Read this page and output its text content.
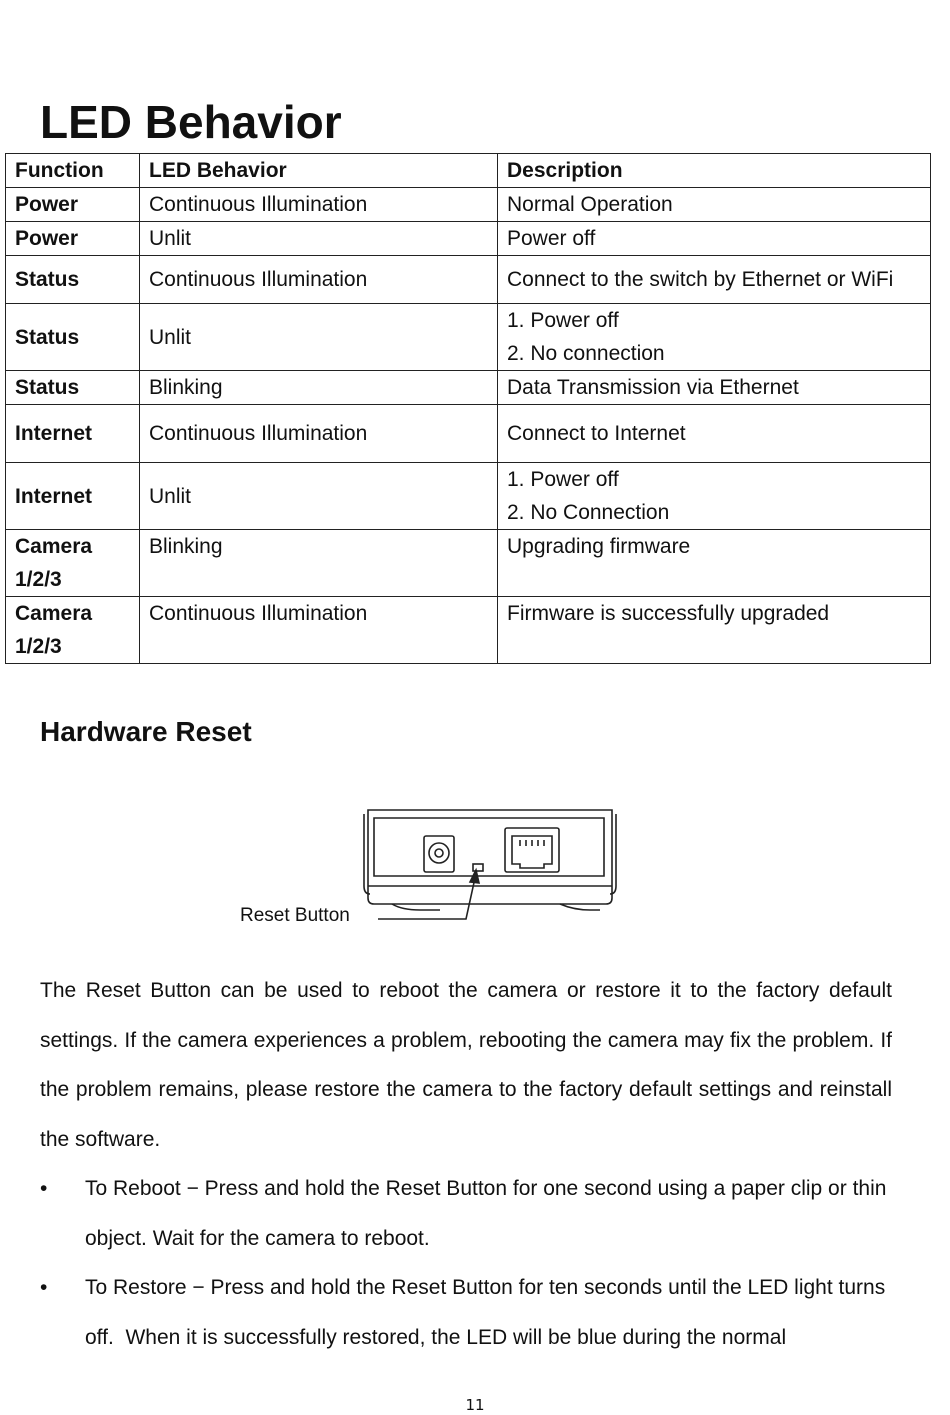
LED Behavior
Function	LED Behavior	Description
Power	Continuous Illumination	Normal Operation
Power	Unlit	Power off
Status	Continuous Illumination	Connect to the switch by Ethernet or WiFi
Status	Unlit	1. Power off
2. No connection

Status	Blinking	Data Transmission via Ethernet
Internet	Continuous Illumination	Connect to Internet
Internet	Unlit	1. Power off
2. No Connection

Camera
1/2/3	Blinking	Upgrading firmware

Camera
1/2/3	Continuous Illumination	Firmware is successfully upgraded
Hardware Reset
Reset Button

The Reset Button can be used to reboot the camera or restore it to the factory default settings. If the camera experiences a problem, rebooting the camera may fix the problem. If the problem remains, please restore the camera to the factory default settings and reinstall the software.

• To Reboot − Press and hold the Reset Button for one second using a paper clip or thin object. Wait for the camera to reboot.
• To Restore − Press and hold the Reset Button for ten seconds until the LED light turns off.  When it is successfully restored, the LED will be blue during the normal
11
